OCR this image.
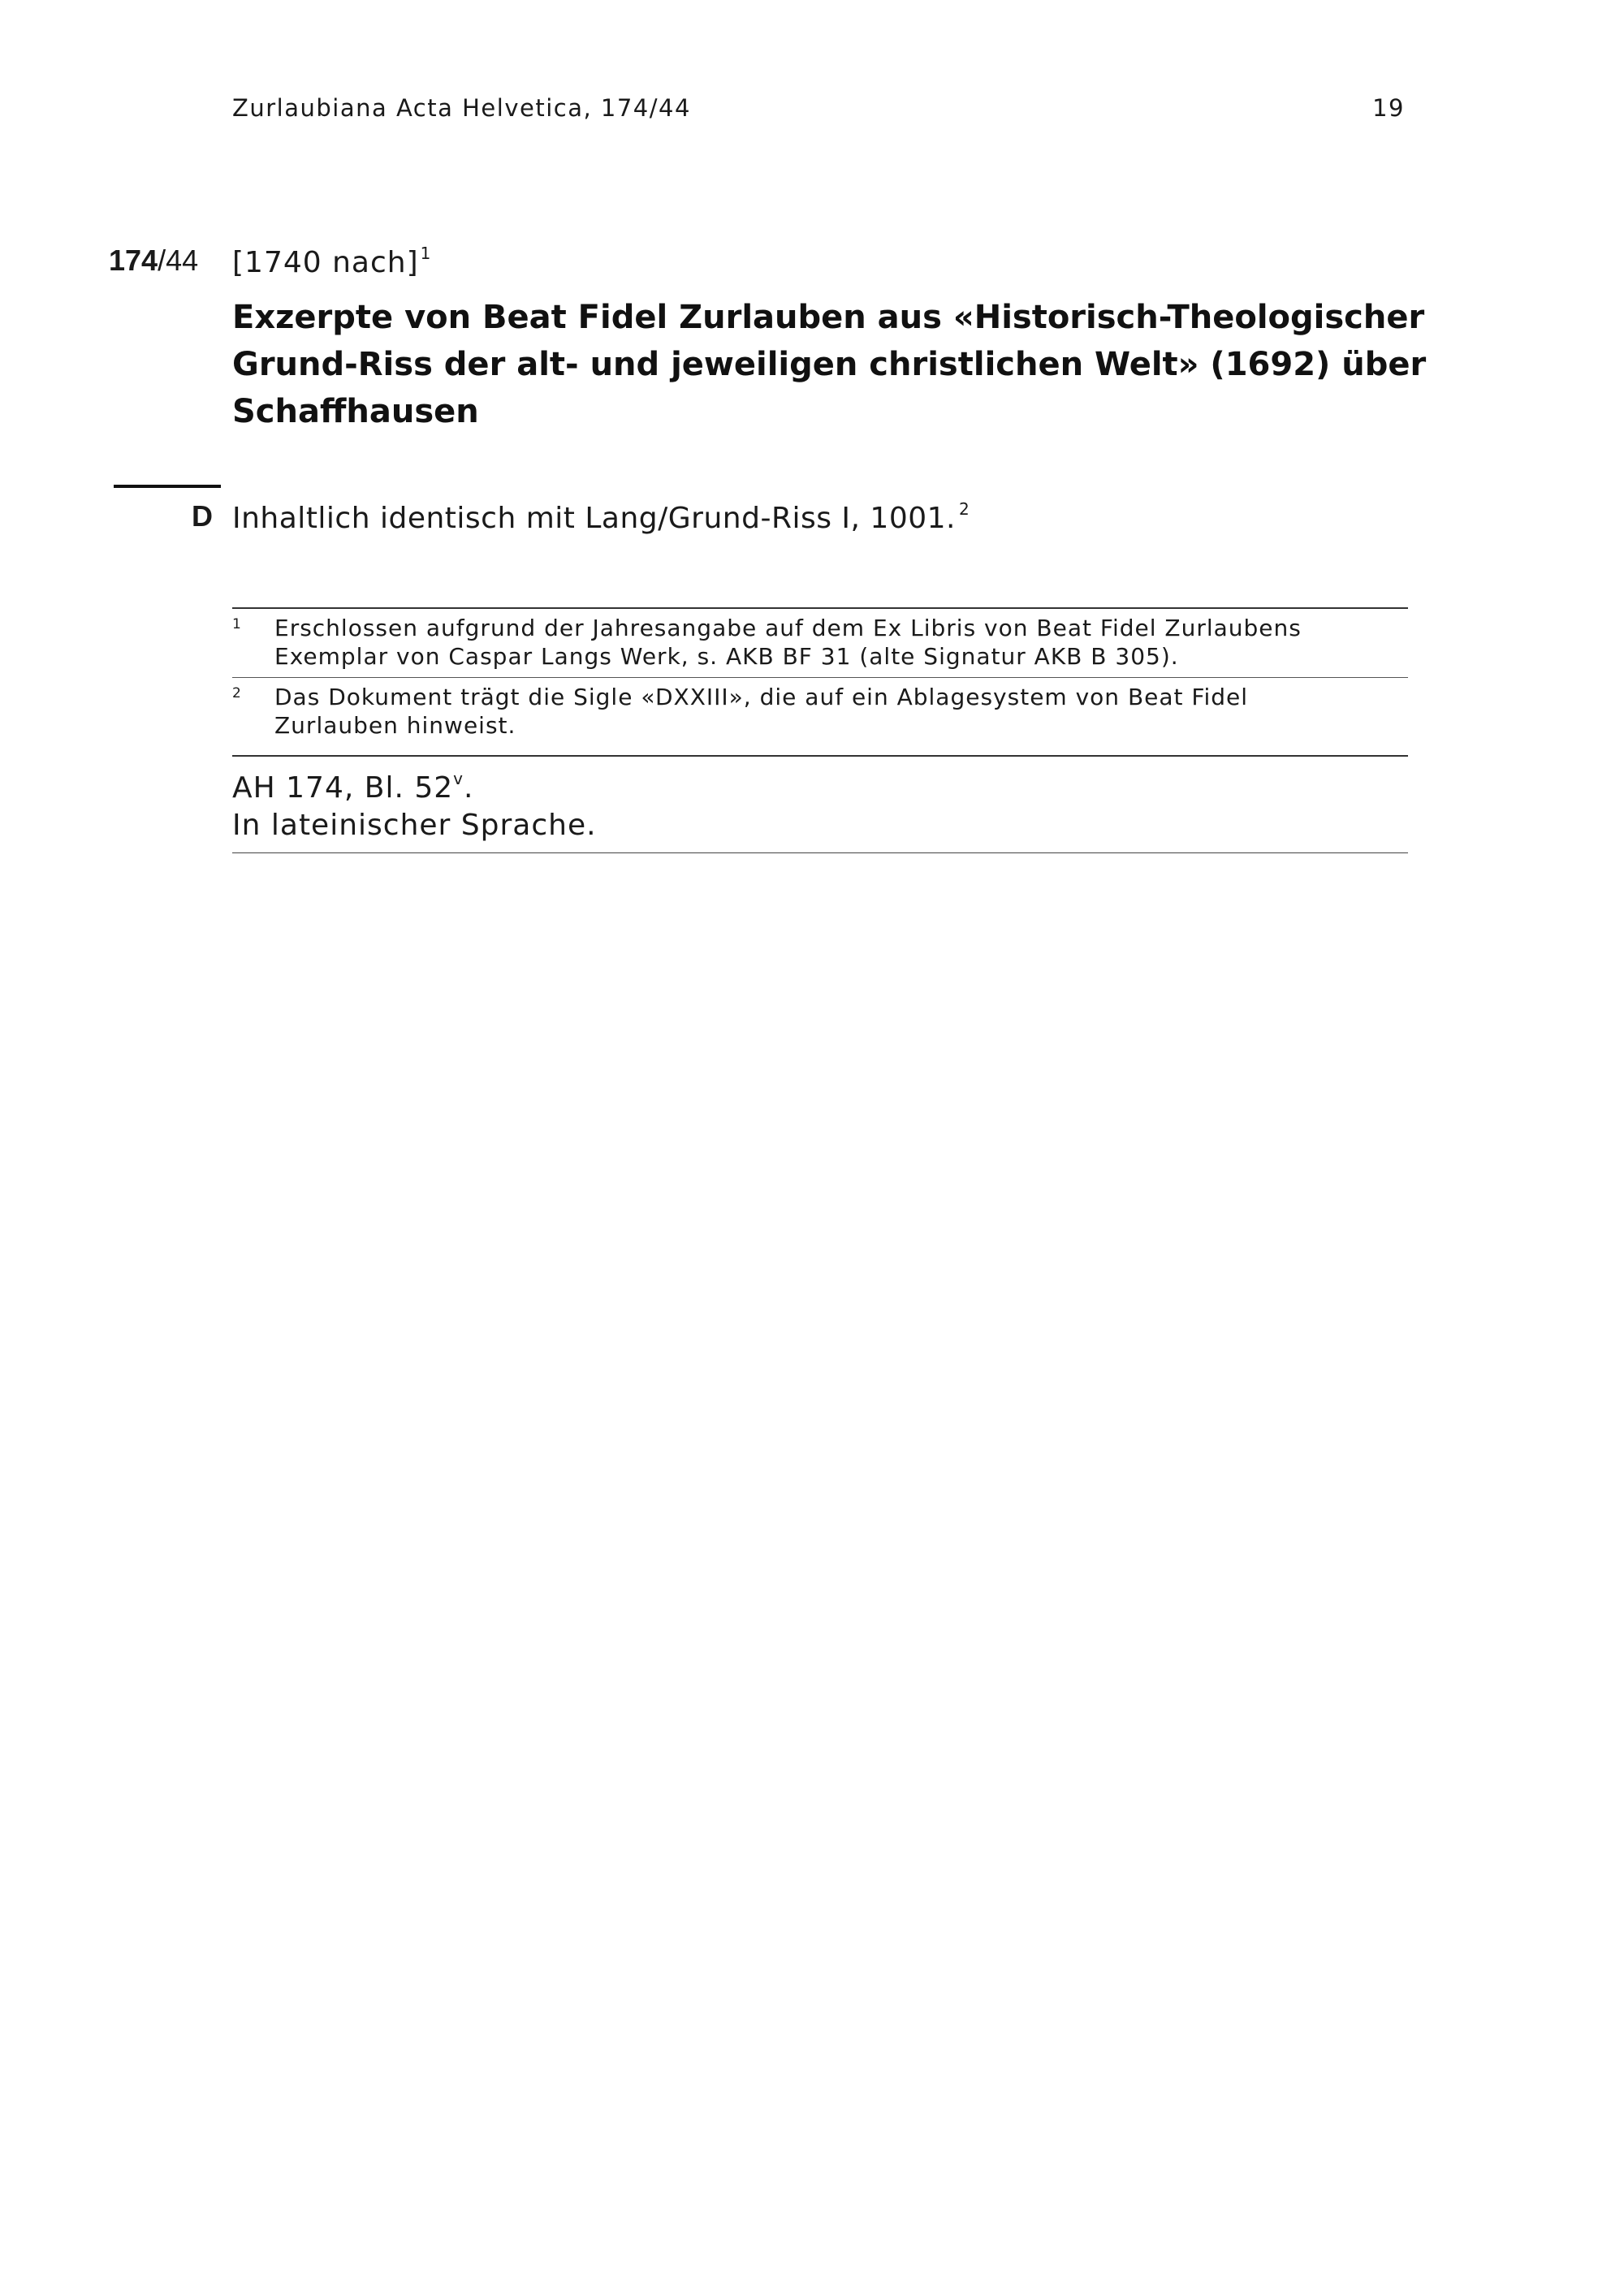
Zurlaubiana Acta Helvetica, 174/44	19
174/44 [1740 nach] $^1$
Exzerpte von Beat Fidel Zurlauben aus «Historisch-Theologischer
Grund-Riss der alt- und jeweiligen christlichen Welt» (1692) über
Schaffhausen
D Inhaltlich identisch mit Lang/Grund-Riss I, 1001. $^2$
1 Erschlossen aufgrund der Jahresangabe auf dem Ex Libris von Beat Fidel Zurlaubens
Exemplar von Caspar Langs Werk, s. AKB BF 31 (alte Signatur AKB B 305).
2 Das Dokument trägt die Sigle «DXXIII», die auf ein Ablagesystem von Beat Fidel
Zurlauben hinweist.
AH 174, Bl. 52$^v$.
In lateinischer Sprache.
